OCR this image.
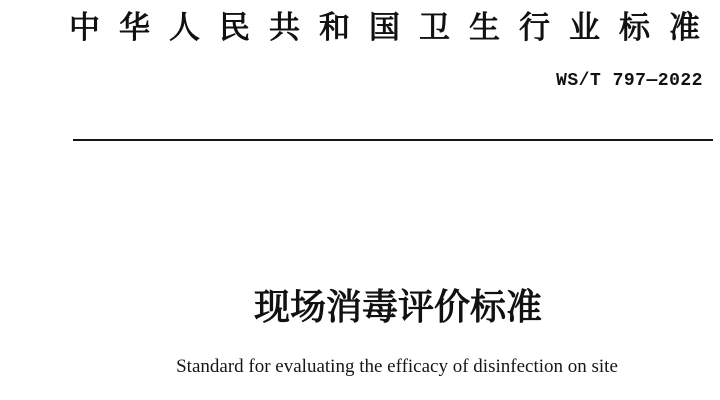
中华人民共和国卫生行业标准
WS/T 797—2022
现场消毒评价标准
Standard for evaluating the efficacy of disinfection on site
